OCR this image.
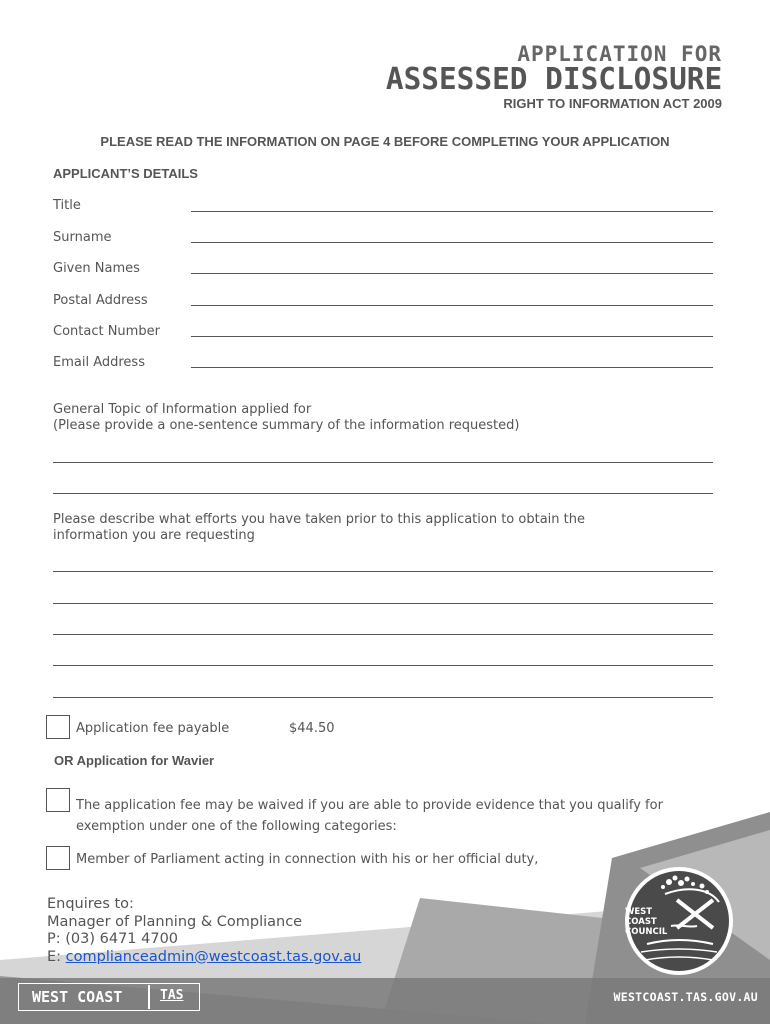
APPLICATION FOR
ASSESSED DISCLOSURE
RIGHT TO INFORMATION ACT 2009
PLEASE READ THE INFORMATION ON PAGE 4 BEFORE COMPLETING YOUR APPLICATION
APPLICANT’S DETAILS
Title
Surname
Given Names
Postal Address
Contact Number
Email Address
General Topic of Information applied for
(Please provide a one-sentence summary of the information requested)
Please describe what efforts you have taken prior to this application to obtain the
information you are requesting
Application fee payable	$44.50
OR Application for Wavier
The application fee may be waived if you are able to provide evidence that you qualify for
exemption under one of the following categories:
Member of Parliament acting in connection with his or her official duty,
Enquires to:
Manager of Planning & Compliance
P: (03) 6471 4700
E: complianceadmin@westcoast.tas.gov.au
WEST
COAST
COUNCIL
WEST COAST	TAS	WESTCOAST.TAS.GOV.AU
